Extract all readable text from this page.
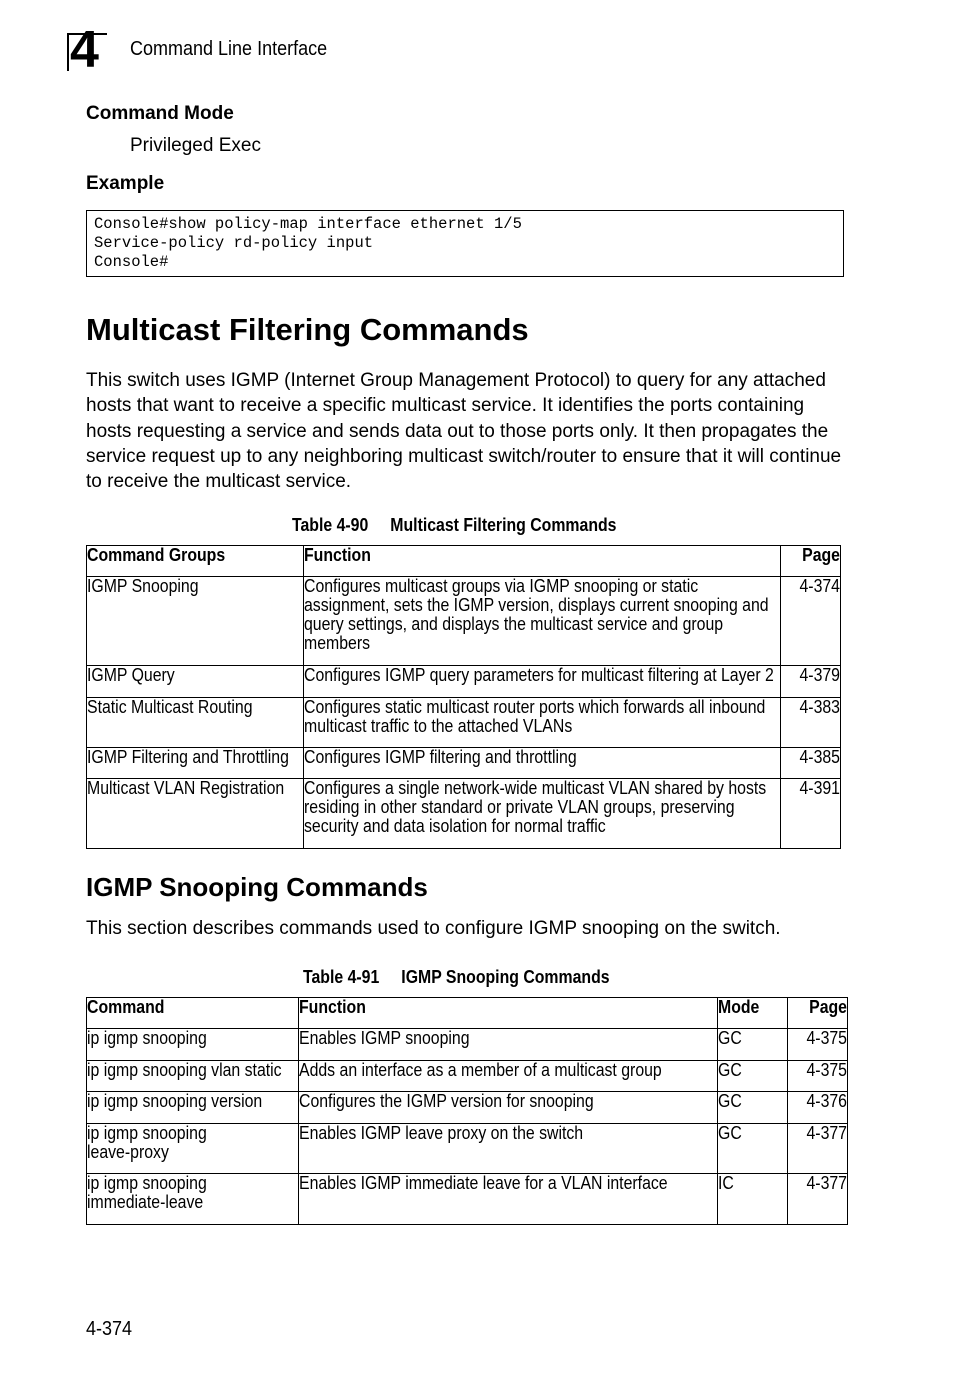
4 Command Line Interface
Command Mode
Privileged Exec
Example
Console#show policy-map interface ethernet 1/5
Service-policy rd-policy input
Console#
Multicast Filtering Commands
This switch uses IGMP (Internet Group Management Protocol) to query for any attached hosts that want to receive a specific multicast service. It identifies the ports containing hosts requesting a service and sends data out to those ports only. It then propagates the service request up to any neighboring multicast switch/router to ensure that it will continue to receive the multicast service.
Table 4-90     Multicast Filtering Commands
Command Groups	Function	Page

IGMP Snooping	Configures multicast groups via IGMP snooping or static assignment, sets the IGMP version, displays current snooping and query settings, and displays the multicast service and group members	4-374

IGMP Query	Configures IGMP query parameters for multicast filtering at Layer 2	4-379

Static Multicast Routing	Configures static multicast router ports which forwards all inbound multicast traffic to the attached VLANs	4-383

IGMP Filtering and Throttling	Configures IGMP filtering and throttling	4-385

Multicast VLAN Registration	Configures a single network-wide multicast VLAN shared by hosts residing in other standard or private VLAN groups, preserving security and data isolation for normal traffic	4-391
IGMP Snooping Commands
This section describes commands used to configure IGMP snooping on the switch.
Table 4-91     IGMP Snooping Commands
Command	Function	Mode	Page

ip igmp snooping	Enables IGMP snooping	GC	4-375

ip igmp snooping vlan static	Adds an interface as a member of a multicast group	GC	4-375

ip igmp snooping version	Configures the IGMP version for snooping	GC	4-376

ip igmp snooping leave-proxy	Enables IGMP leave proxy on the switch	GC	4-377

ip igmp snooping immediate-leave	Enables IGMP immediate leave for a VLAN interface	IC	4-377
4-374
